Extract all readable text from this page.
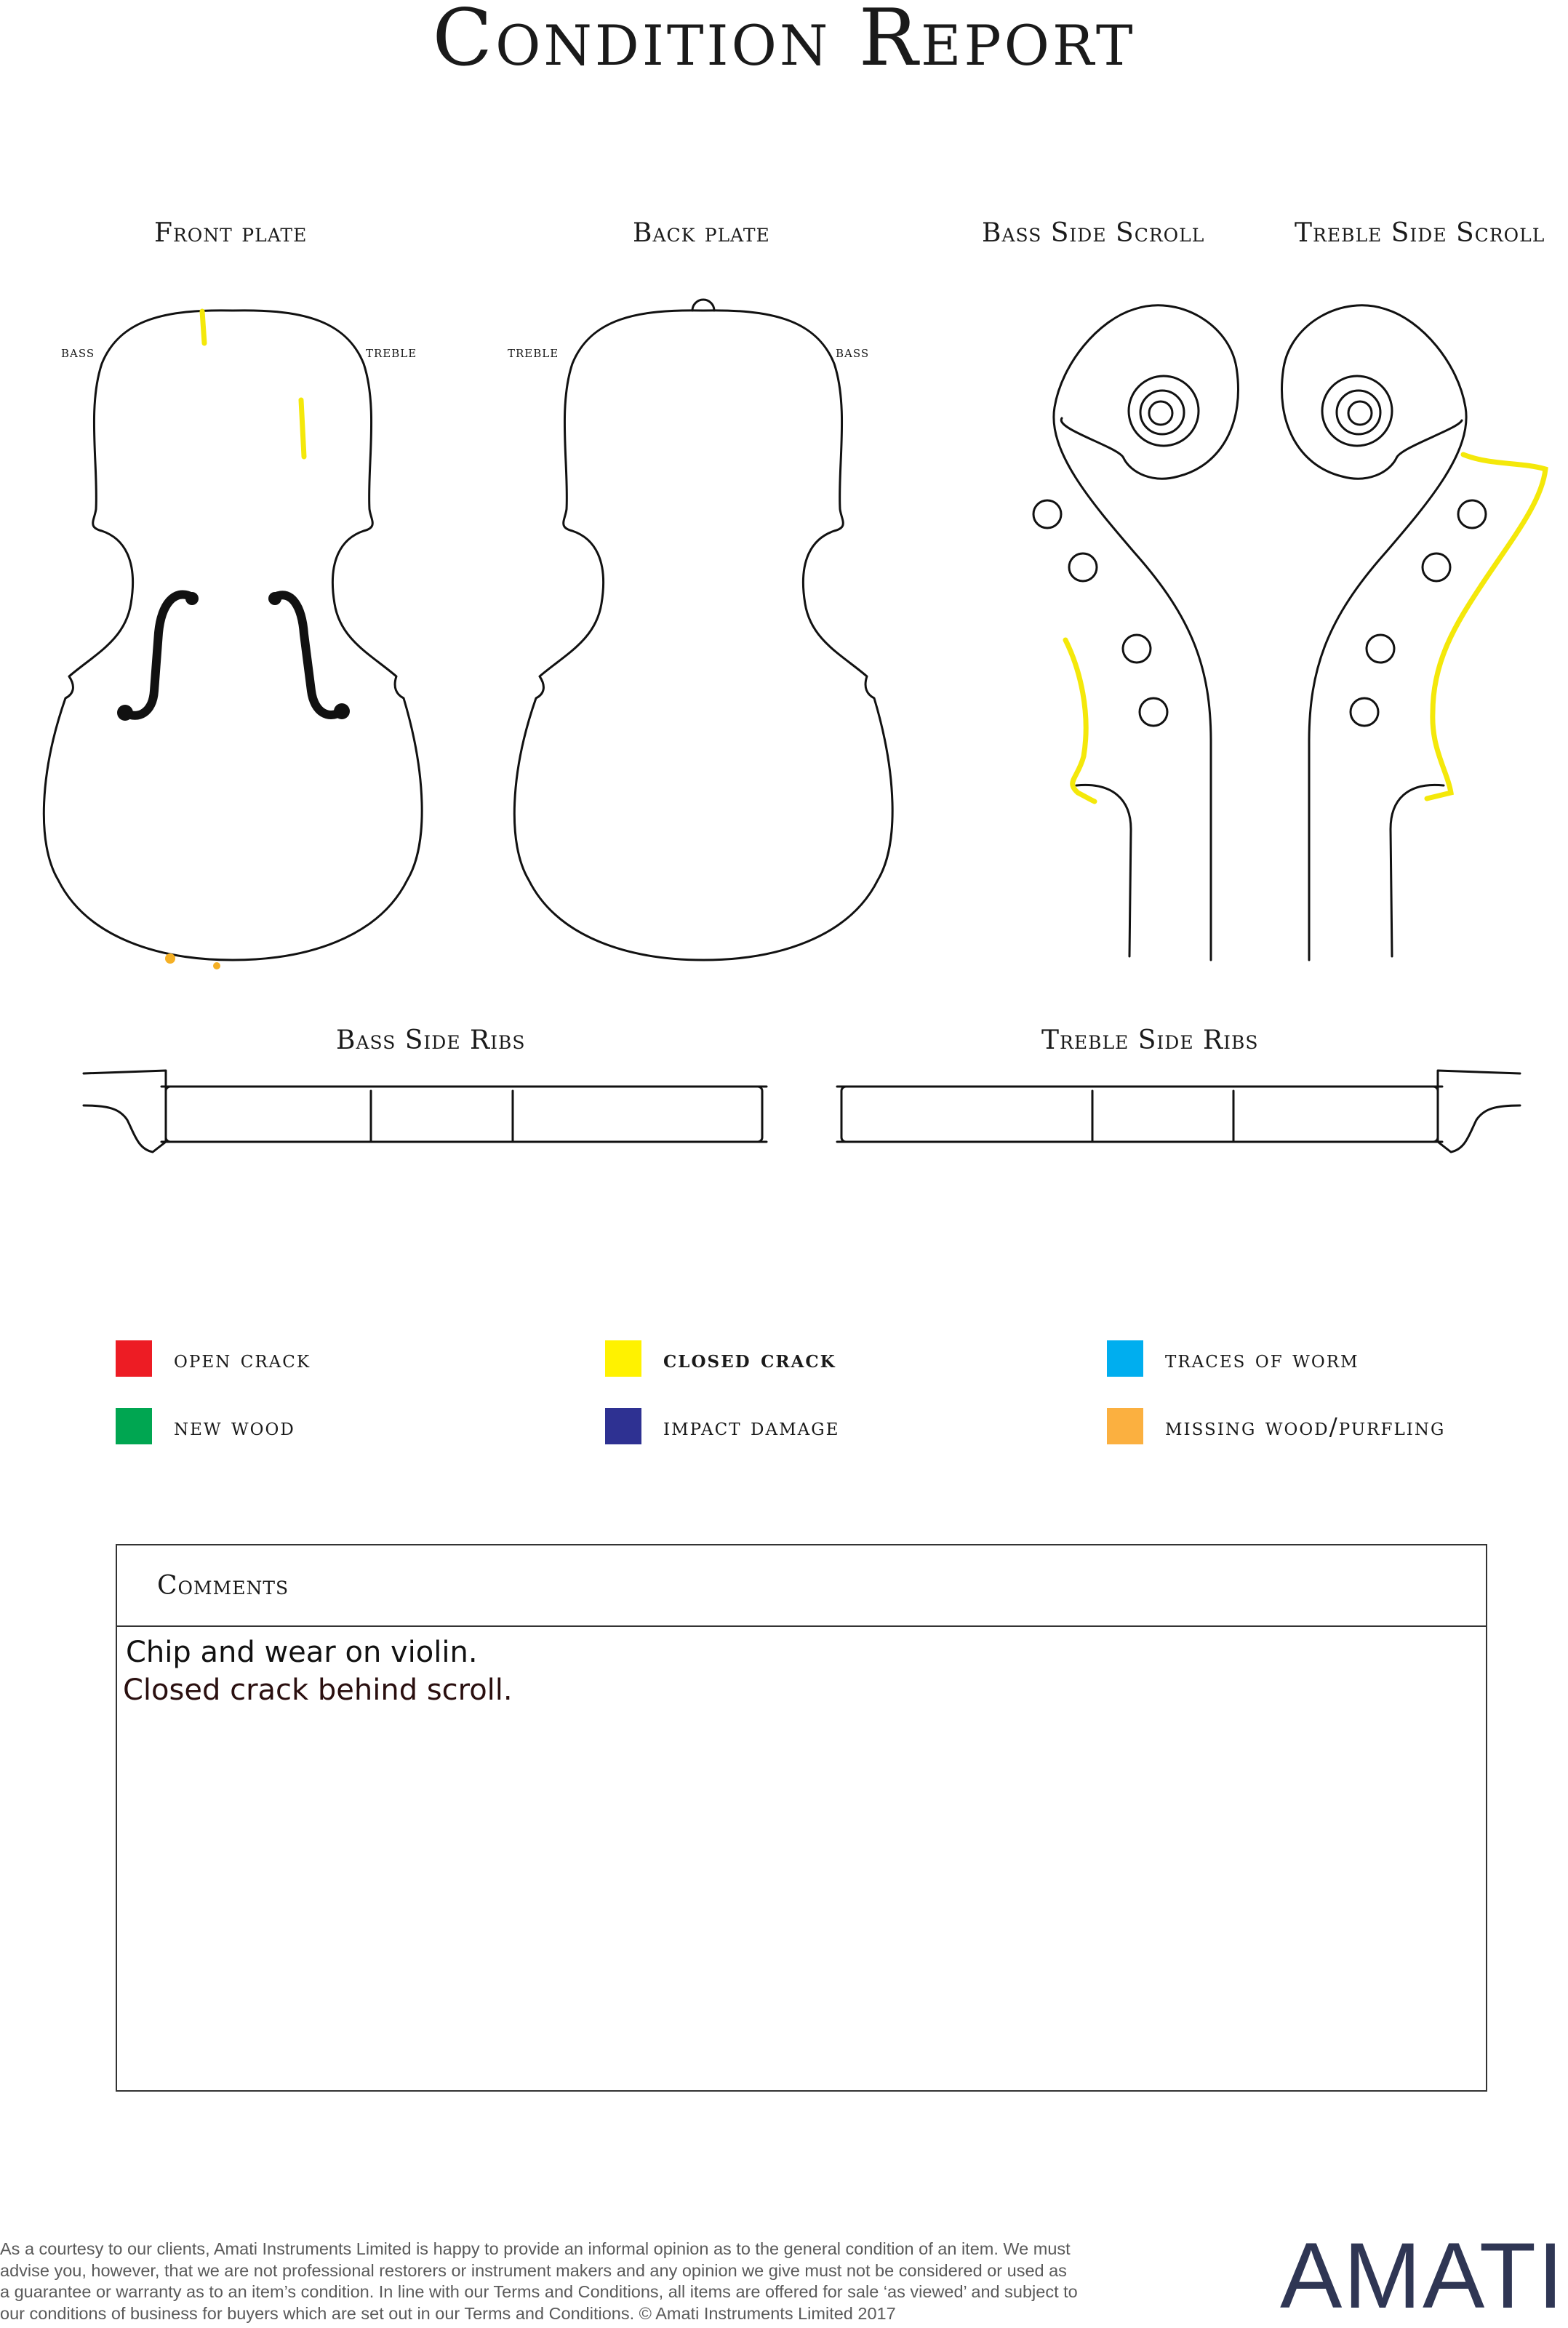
Condition Report
Front plate	Back plate	Bass Side Scroll	Treble Side Scroll
Bass Side Ribs	Treble Side Ribs
bass	treble	treble	bass
open crack	closed crack	traces of worm
new wood	impact damage	missing wood/purfling
Comments

Chip and wear on violin.

Closed crack behind scroll.

As a courtesy to our clients, Amati Instruments Limited is happy to provide an informal opinion as to the general condition of an item. We must
advise you, however, that we are not professional restorers or instrument makers and any opinion we give must not be considered or used as
a guarantee or warranty as to an item’s condition. In line with our Terms and Conditions, all items are offered for sale ‘as viewed’ and subject to
our conditions of business for buyers which are set out in our Terms and Conditions. © Amati Instruments Limited 2017	AMATI
